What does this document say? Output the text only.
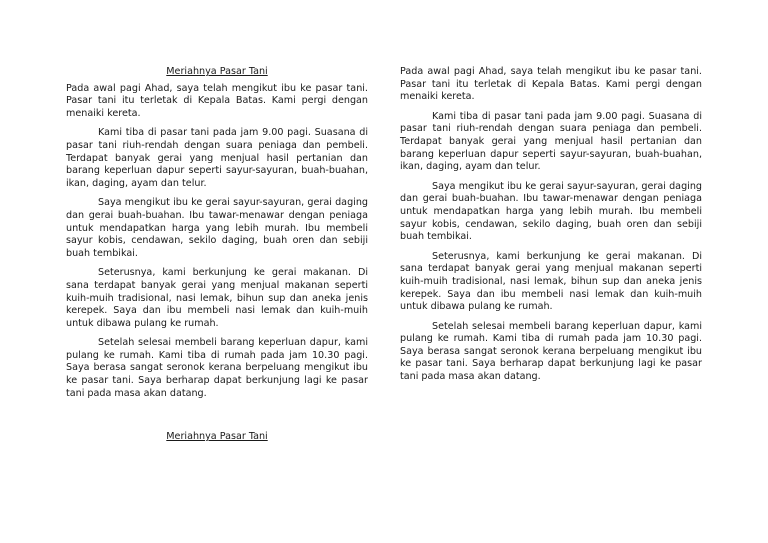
Meriahnya Pasar Tani

Pada awal pagi Ahad, saya telah mengikut ibu ke pasar tani. Pasar tani itu terletak di Kepala Batas. Kami pergi dengan menaiki kereta.

Kami tiba di pasar tani pada jam 9.00 pagi. Suasana di pasar tani riuh-rendah dengan suara peniaga dan pembeli. Terdapat banyak gerai yang menjual hasil pertanian dan barang keperluan dapur seperti sayur-sayuran, buah-buahan, ikan, daging, ayam dan telur.

Saya mengikut ibu ke gerai sayur-sayuran, gerai daging dan gerai buah-buahan. Ibu tawar-menawar dengan peniaga untuk mendapatkan harga yang lebih murah. Ibu membeli sayur kobis, cendawan, sekilo daging, buah oren dan sebiji buah tembikai.

Seterusnya, kami berkunjung ke gerai makanan. Di sana terdapat banyak gerai yang menjual makanan seperti kuih-muih tradisional, nasi lemak, bihun sup dan aneka jenis kerepek. Saya dan ibu membeli nasi lemak dan kuih-muih untuk dibawa pulang ke rumah.

Setelah selesai membeli barang keperluan dapur, kami pulang ke rumah. Kami tiba di rumah pada jam 10.30 pagi. Saya berasa sangat seronok kerana berpeluang mengikut ibu ke pasar tani. Saya berharap dapat berkunjung lagi ke pasar tani pada masa akan datang.

Pada awal pagi Ahad, saya telah mengikut ibu ke pasar tani. Pasar tani itu terletak di Kepala Batas. Kami pergi dengan menaiki kereta.

Kami tiba di pasar tani pada jam 9.00 pagi. Suasana di pasar tani riuh-rendah dengan suara peniaga dan pembeli. Terdapat banyak gerai yang menjual hasil pertanian dan barang keperluan dapur seperti sayur-sayuran, buah-buahan, ikan, daging, ayam dan telur.

Saya mengikut ibu ke gerai sayur-sayuran, gerai daging dan gerai buah-buahan. Ibu tawar-menawar dengan peniaga untuk mendapatkan harga yang lebih murah. Ibu membeli sayur kobis, cendawan, sekilo daging, buah oren dan sebiji buah tembikai.

Seterusnya, kami berkunjung ke gerai makanan. Di sana terdapat banyak gerai yang menjual makanan seperti kuih-muih tradisional, nasi lemak, bihun sup dan aneka jenis kerepek. Saya dan ibu membeli nasi lemak dan kuih-muih untuk dibawa pulang ke rumah.

Setelah selesai membeli barang keperluan dapur, kami pulang ke rumah. Kami tiba di rumah pada jam 10.30 pagi. Saya berasa sangat seronok kerana berpeluang mengikut ibu ke pasar tani. Saya berharap dapat berkunjung lagi ke pasar tani pada masa akan datang.

Meriahnya Pasar Tani
